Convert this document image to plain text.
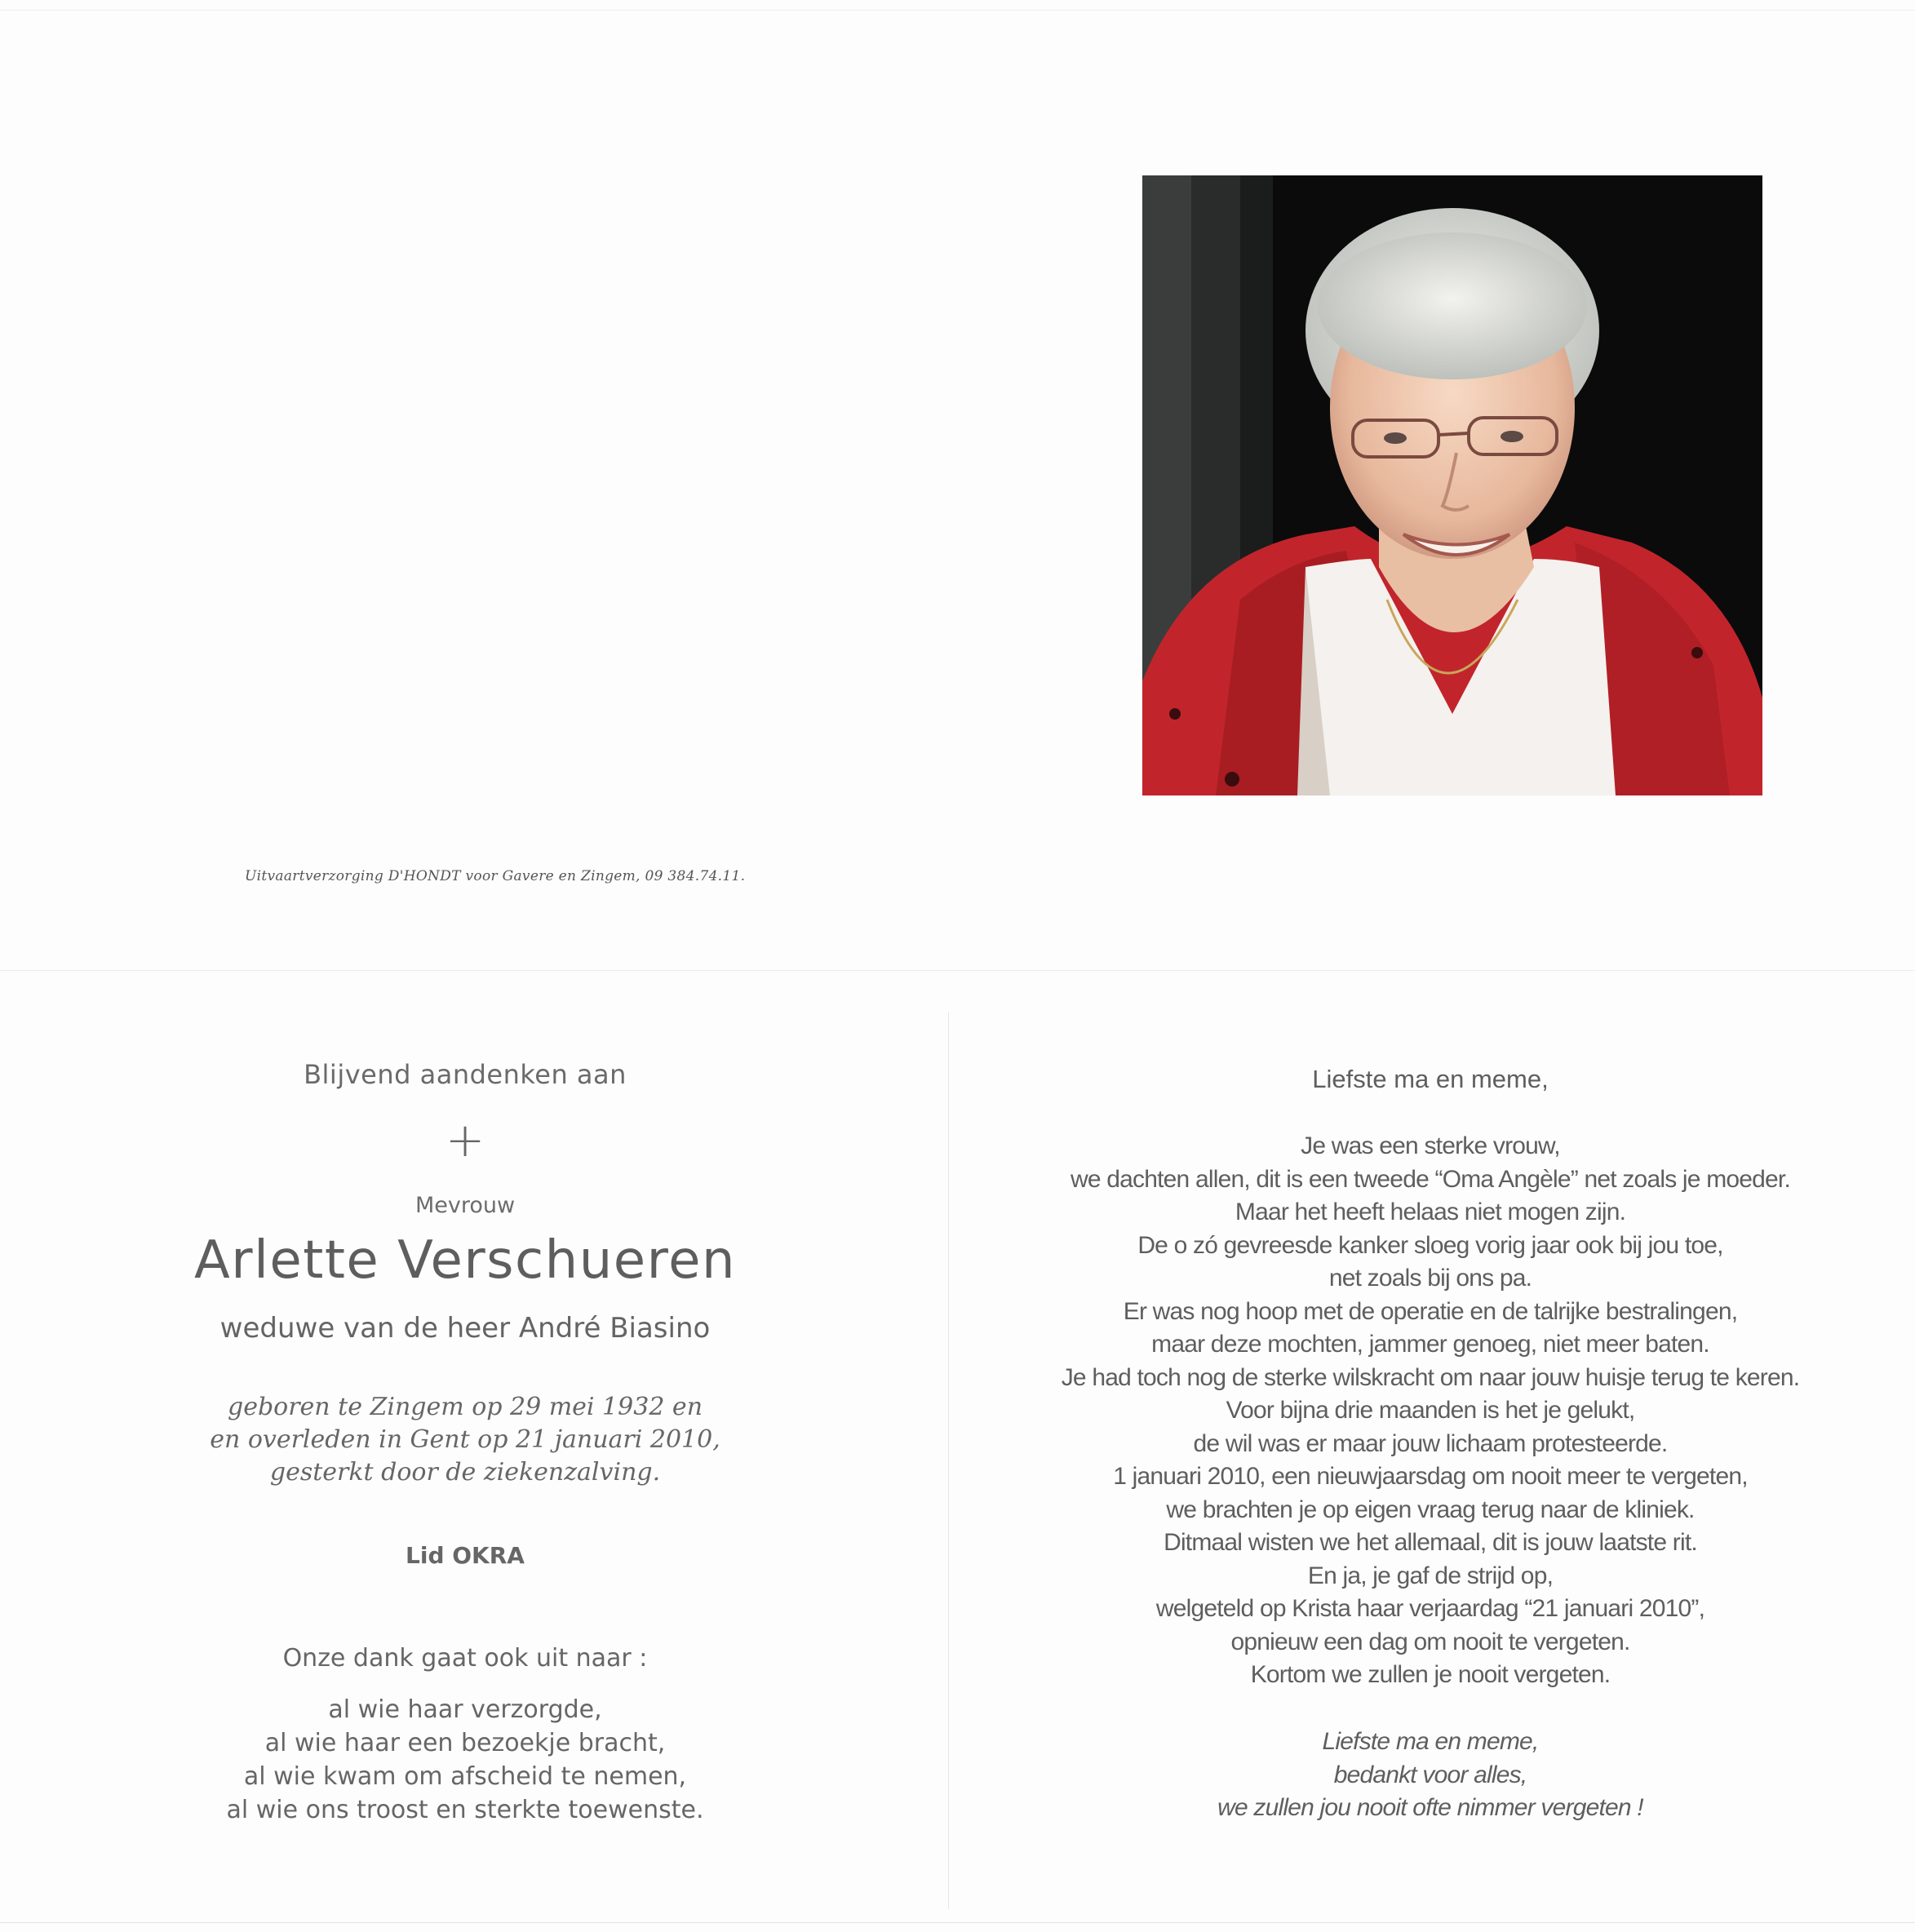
Uitvaartverzorging D'HONDT voor Gavere en Zingem, 09 384.74.11.
Blijvend aandenken aan
+
Mevrouw
Arlette Verschueren
weduwe van de heer André Biasino
geboren te Zingem op 29 mei 1932 en
en overleden in Gent op 21 januari 2010,
gesterkt door de ziekenzalving.
Lid OKRA
Onze dank gaat ook uit naar :
al wie haar verzorgde,
al wie haar een bezoekje bracht,
al wie kwam om afscheid te nemen,
al wie ons troost en sterkte toewenste.
Liefste ma en meme,
Je was een sterke vrouw,
we dachten allen, dit is een tweede “Oma Angèle” net zoals je moeder.
Maar het heeft helaas niet mogen zijn.
De o zó gevreesde kanker sloeg vorig jaar ook bij jou toe,
net zoals bij ons pa.
Er was nog hoop met de operatie en de talrijke bestralingen,
maar deze mochten, jammer genoeg, niet meer baten.
Je had toch nog de sterke wilskracht om naar jouw huisje terug te keren.
Voor bijna drie maanden is het je gelukt,
de wil was er maar jouw lichaam protesteerde.
1 januari 2010, een nieuwjaarsdag om nooit meer te vergeten,
we brachten je op eigen vraag terug naar de kliniek.
Ditmaal wisten we het allemaal, dit is jouw laatste rit.
En ja, je gaf de strijd op,
welgeteld op Krista haar verjaardag “21 januari 2010”,
opnieuw een dag om nooit te vergeten.
Kortom we zullen je nooit vergeten.
Liefste ma en meme,
bedankt voor alles,
we zullen jou nooit ofte nimmer vergeten !
